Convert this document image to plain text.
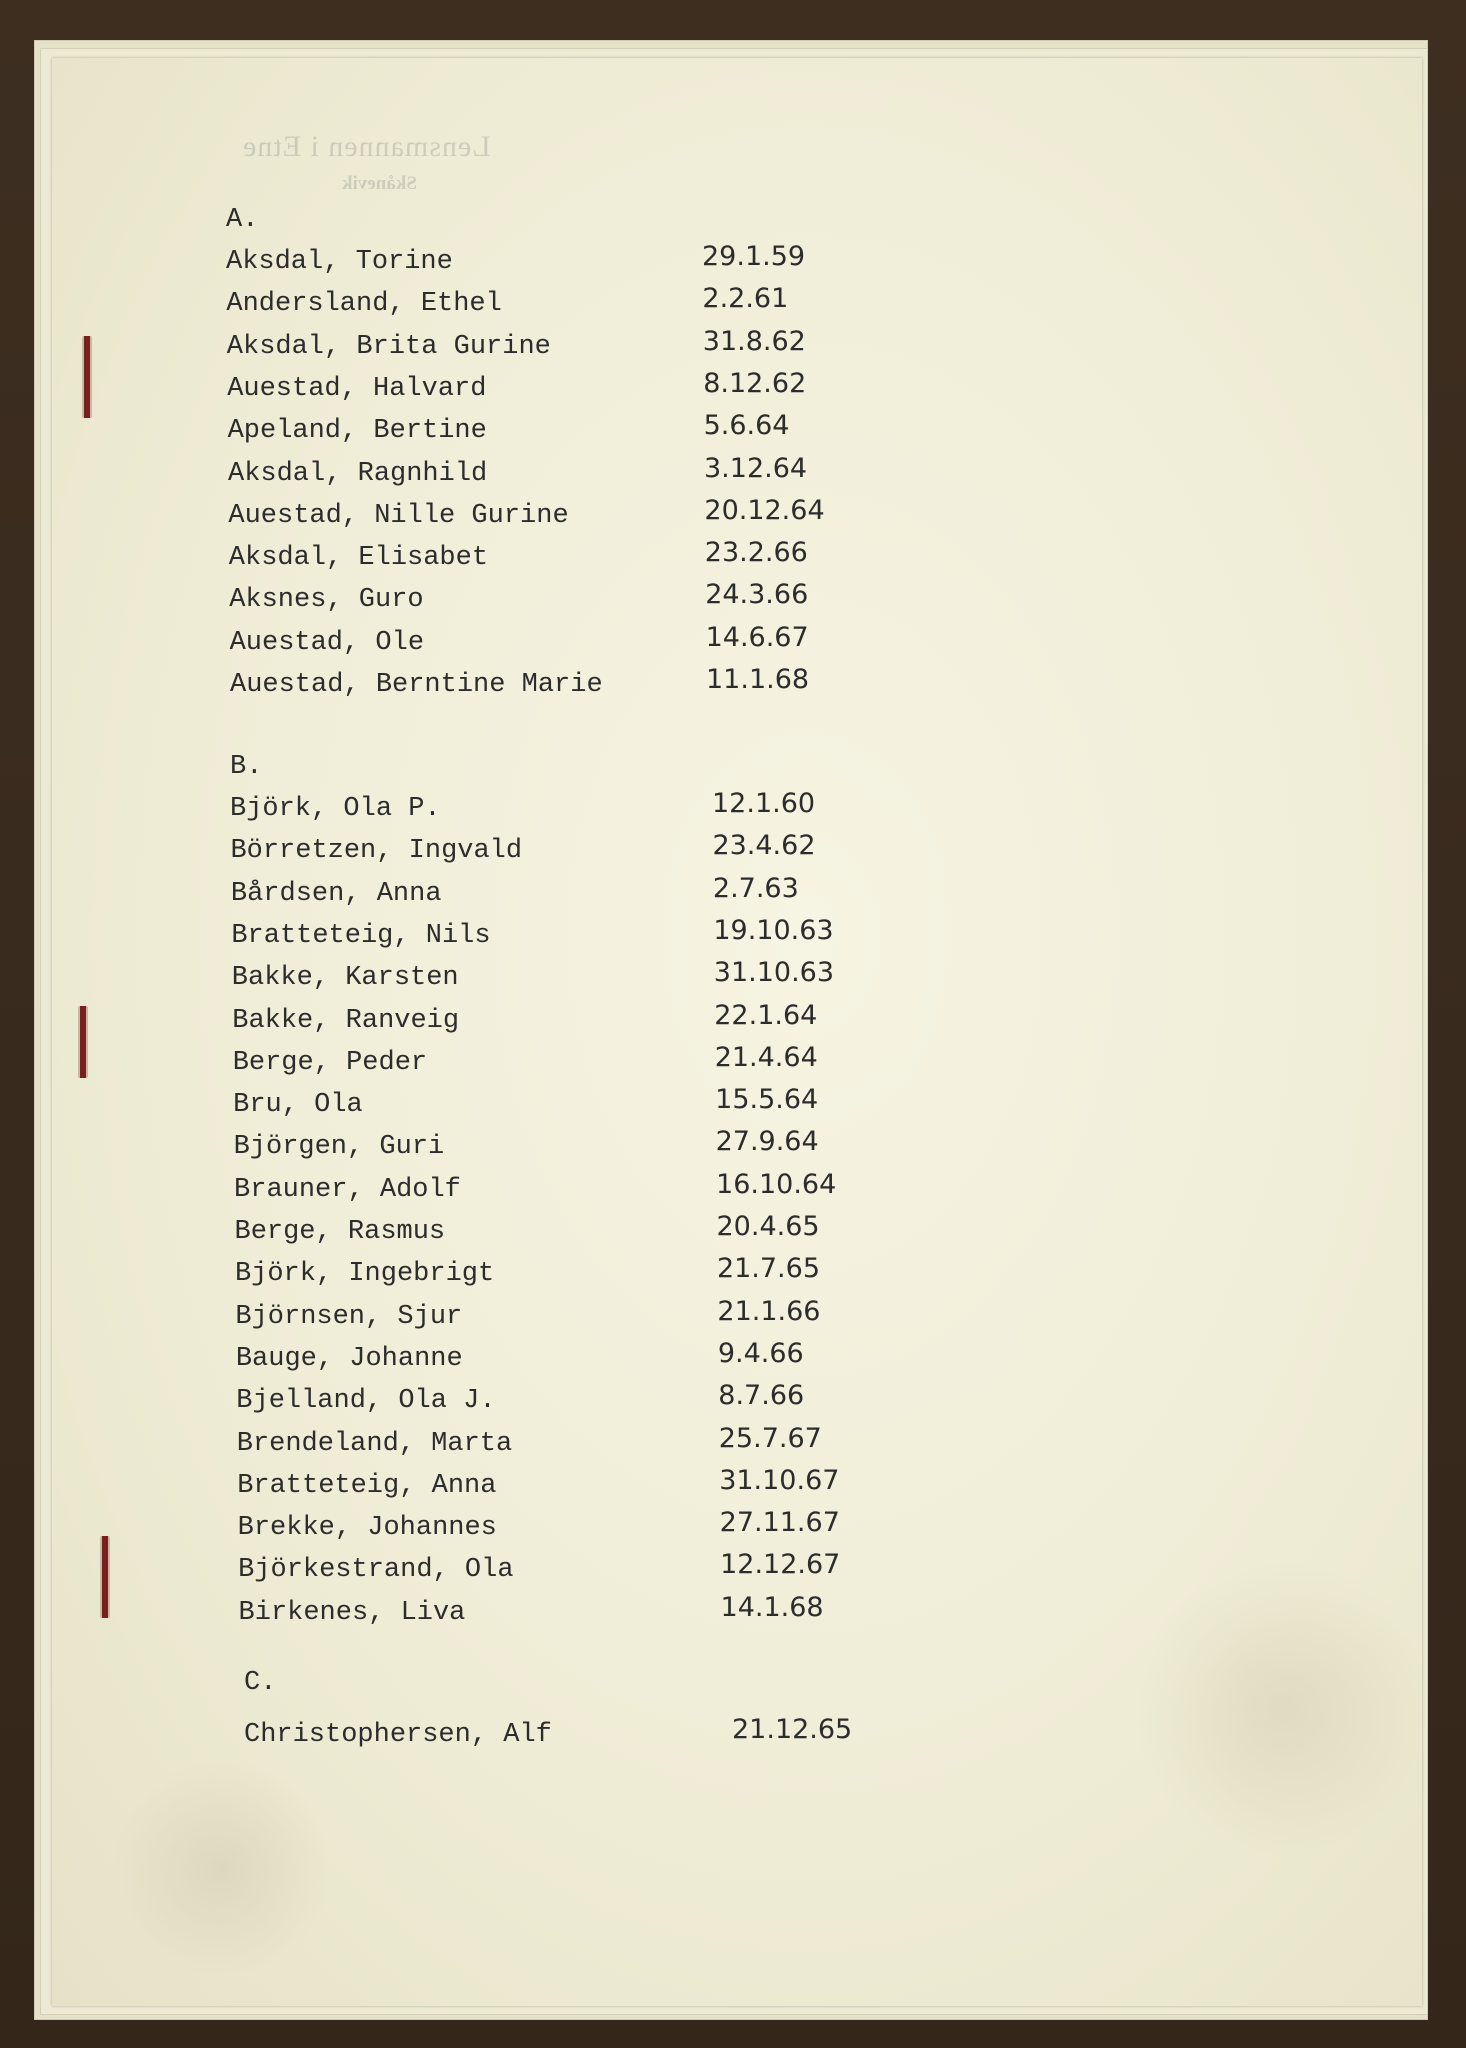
Lensmannen i Etne
Skånevik
A.
Aksdal, Torine	29.1.59
Andersland, Ethel	2.2.61
Aksdal, Brita Gurine	31.8.62
Auestad, Halvard	8.12.62
Apeland, Bertine	5.6.64
Aksdal, Ragnhild	3.12.64
Auestad, Nille Gurine	20.12.64
Aksdal, Elisabet	23.2.66
Aksnes, Guro	24.3.66
Auestad, Ole	14.6.67
Auestad, Berntine Marie	11.1.68
B.
Björk, Ola P.	12.1.60
Börretzen, Ingvald	23.4.62
Bårdsen, Anna	2.7.63
Bratteteig, Nils	19.10.63
Bakke, Karsten	31.10.63
Bakke, Ranveig	22.1.64
Berge, Peder	21.4.64
Bru, Ola	15.5.64
Björgen, Guri	27.9.64
Brauner, Adolf	16.10.64
Berge, Rasmus	20.4.65
Björk, Ingebrigt	21.7.65
Björnsen, Sjur	21.1.66
Bauge, Johanne	9.4.66
Bjelland, Ola J.	8.7.66
Brendeland, Marta	25.7.67
Bratteteig, Anna	31.10.67
Brekke, Johannes	27.11.67
Björkestrand, Ola	12.12.67
Birkenes, Liva	14.1.68
C.
Christophersen, Alf	21.12.65
